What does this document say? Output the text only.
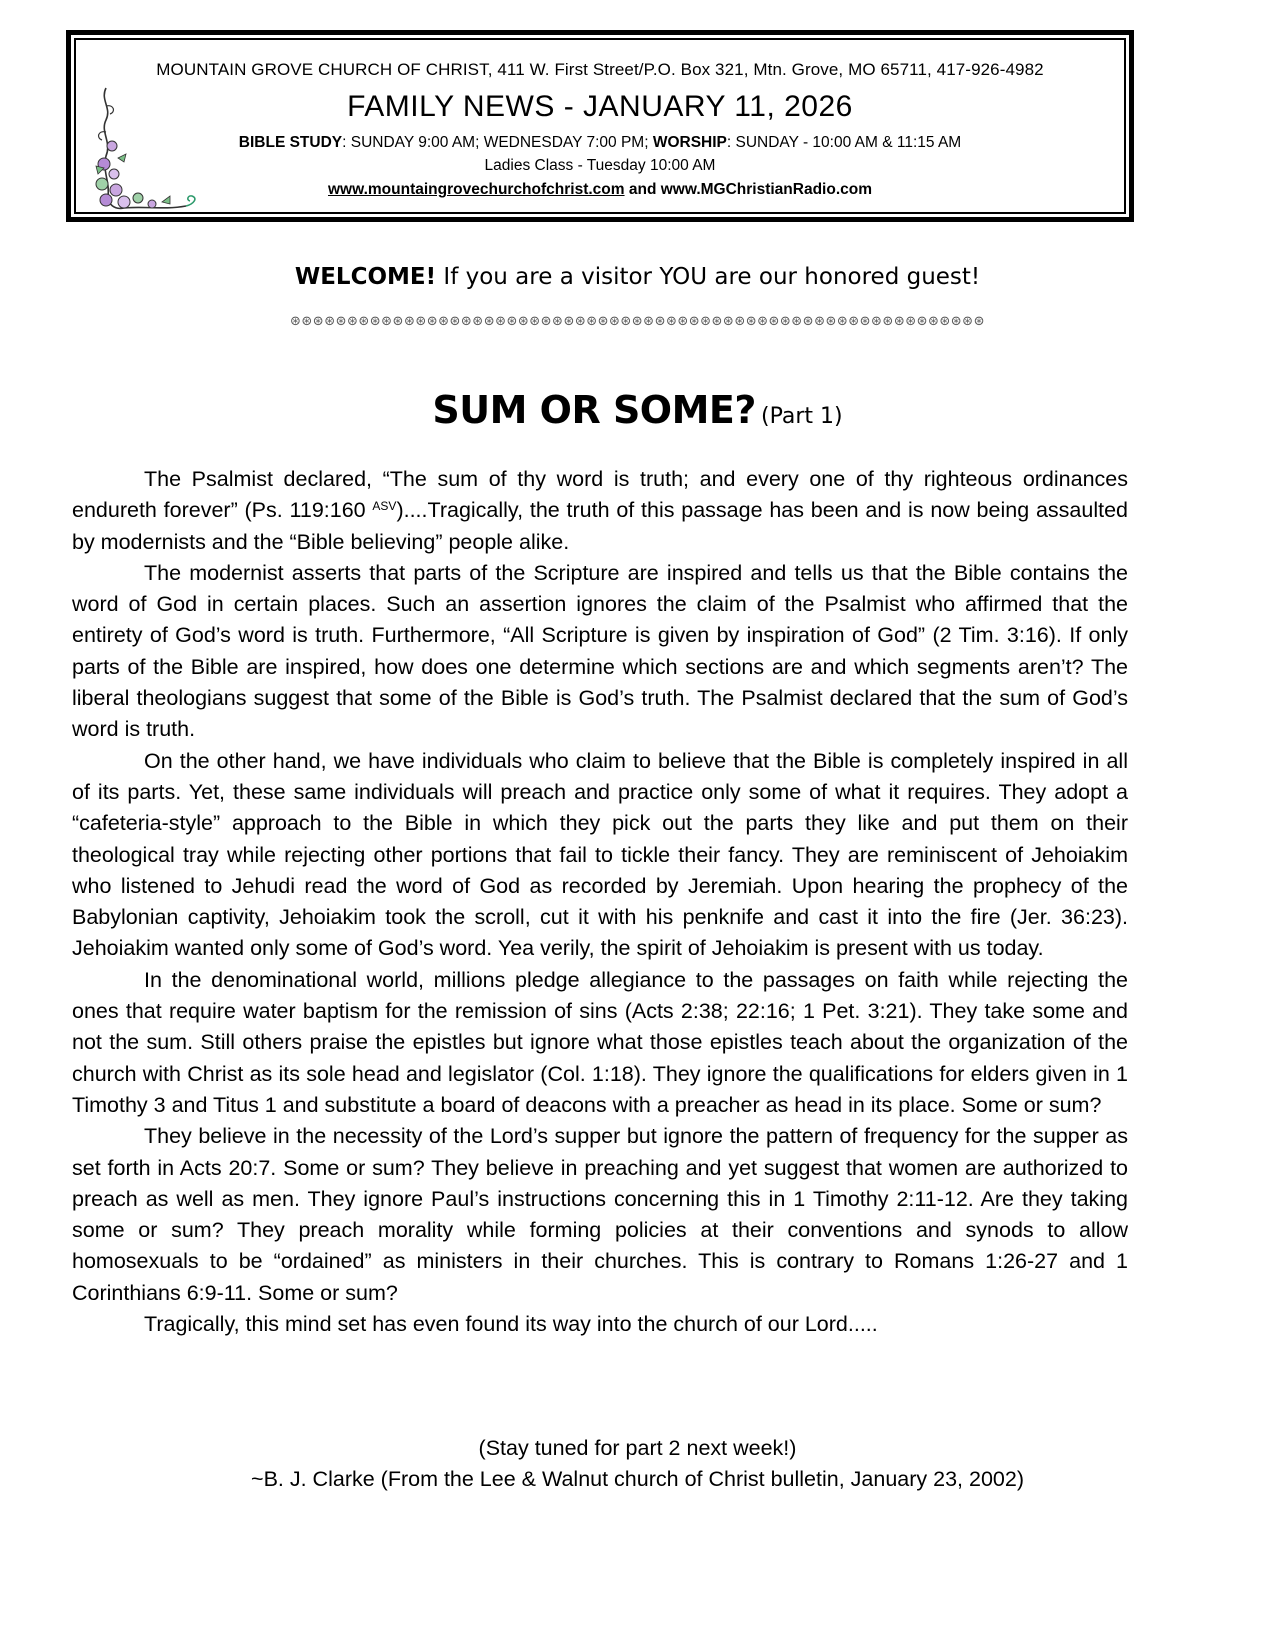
MOUNTAIN GROVE CHURCH OF CHRIST, 411 W. First Street/P.O. Box 321, Mtn. Grove, MO 65711, 417-926-4982
FAMILY NEWS - JANUARY 11, 2026
BIBLE STUDY: SUNDAY 9:00 AM; WEDNESDAY 7:00 PM; WORSHIP: SUNDAY - 10:00 AM & 11:15 AM
Ladies Class - Tuesday 10:00 AM
www.mountaingrovechurchofchrist.com and www.MGChristianRadio.com
WELCOME! If you are a visitor YOU are our honored guest!
⊛⊛⊛⊛⊛⊛⊛⊛⊛⊛⊛⊛⊛⊛⊛⊛⊛⊛⊛⊛⊛⊛⊛⊛⊛⊛⊛⊛⊛⊛⊛⊛⊛⊛⊛⊛⊛⊛⊛⊛⊛⊛⊛⊛⊛⊛⊛⊛⊛⊛⊛⊛⊛⊛⊛⊛⊛⊛⊛⊛⊛
SUM OR SOME? (Part 1)

The Psalmist declared, “The sum of thy word is truth; and every one of thy righteous ordinances endureth forever” (Ps. 119:160 $^{ASV}$)....Tragically, the truth of this passage has been and is now being assaulted by modernists and the “Bible believing” people alike.

The modernist asserts that parts of the Scripture are inspired and tells us that the Bible contains the word of God in certain places. Such an assertion ignores the claim of the Psalmist who affirmed that the entirety of God’s word is truth. Furthermore, “All Scripture is given by inspiration of God” (2 Tim. 3:16). If only parts of the Bible are inspired, how does one determine which sections are and which segments aren’t? The liberal theologians suggest that some of the Bible is God’s truth. The Psalmist declared that the sum of God’s word is truth.

On the other hand, we have individuals who claim to believe that the Bible is completely inspired in all of its parts. Yet, these same individuals will preach and practice only some of what it requires. They adopt a “cafeteria-style” approach to the Bible in which they pick out the parts they like and put them on their theological tray while rejecting other portions that fail to tickle their fancy. They are reminiscent of Jehoiakim who listened to Jehudi read the word of God as recorded by Jeremiah. Upon hearing the prophecy of the Babylonian captivity, Jehoiakim took the scroll, cut it with his penknife and cast it into the fire (Jer. 36:23). Jehoiakim wanted only some of God’s word. Yea verily, the spirit of Jehoiakim is present with us today.

In the denominational world, millions pledge allegiance to the passages on faith while rejecting the ones that require water baptism for the remission of sins (Acts 2:38; 22:16; 1 Pet. 3:21). They take some and not the sum. Still others praise the epistles but ignore what those epistles teach about the organization of the church with Christ as its sole head and legislator (Col. 1:18). They ignore the qualifications for elders given in 1 Timothy 3 and Titus 1 and substitute a board of deacons with a preacher as head in its place. Some or sum?

They believe in the necessity of the Lord’s supper but ignore the pattern of frequency for the supper as set forth in Acts 20:7. Some or sum? They believe in preaching and yet suggest that women are authorized to preach as well as men. They ignore Paul’s instructions concerning this in 1 Timothy 2:11-12. Are they taking some or sum? They preach morality while forming policies at their conventions and synods to allow homosexuals to be “ordained” as ministers in their churches. This is contrary to Romans 1:26-27 and 1 Corinthians 6:9-11. Some or sum?

Tragically, this mind set has even found its way into the church of our Lord.....

(Stay tuned for part 2 next week!)
~B. J. Clarke (From the Lee & Walnut church of Christ bulletin, January 23, 2002)
